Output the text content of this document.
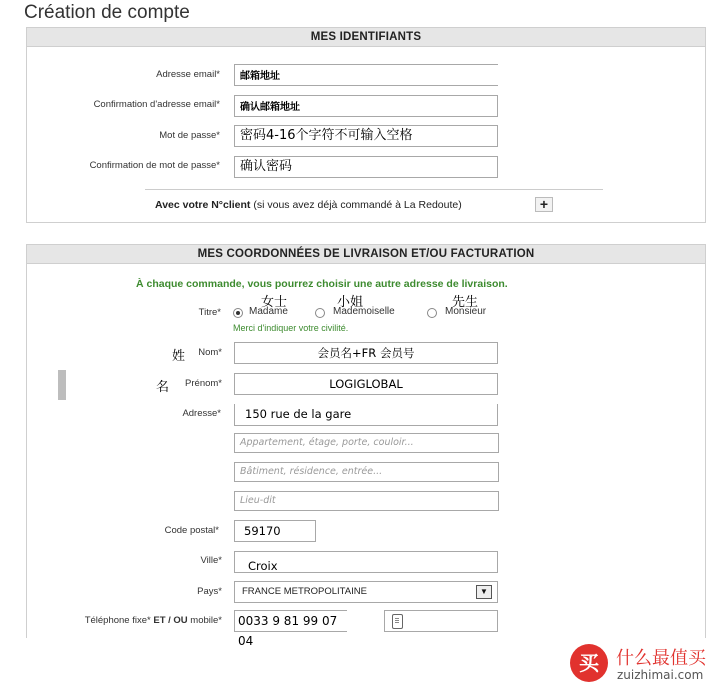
Création de compte
MES IDENTIFIANTS
Adresse email*	邮箱地址
Confirmation d'adresse email*	确认邮箱地址
Mot de passe*	密码4-16个字符不可输入空格
Confirmation de mot de passe*	确认密码
Avec votre N°client (si vous avez déjà commandé à La Redoute)	+
MES COORDONNÉES DE LIVRAISON ET/OU FACTURATION
À chaque commande, vous pourrez choisir une autre adresse de livraison.
女士	小姐	先生
Titre*	Madame	Mademoiselle	Monsieur
Merci d'indiquer votre civilité.
姓	Nom*	会员名+FR 会员号
名	Prénom*	LOGIGLOBAL
Adresse*	150 rue de la gare
Appartement, étage, porte, couloir...
Bâtiment, résidence, entrée...
Lieu-dit
Code postal*	59170
Ville*	Croix
Pays*	FRANCE METROPOLITAINE	▼
Téléphone fixe* ET / OU mobile*	0033 9 81 99 07 04
买 什么最值买
zuizhimai.com
